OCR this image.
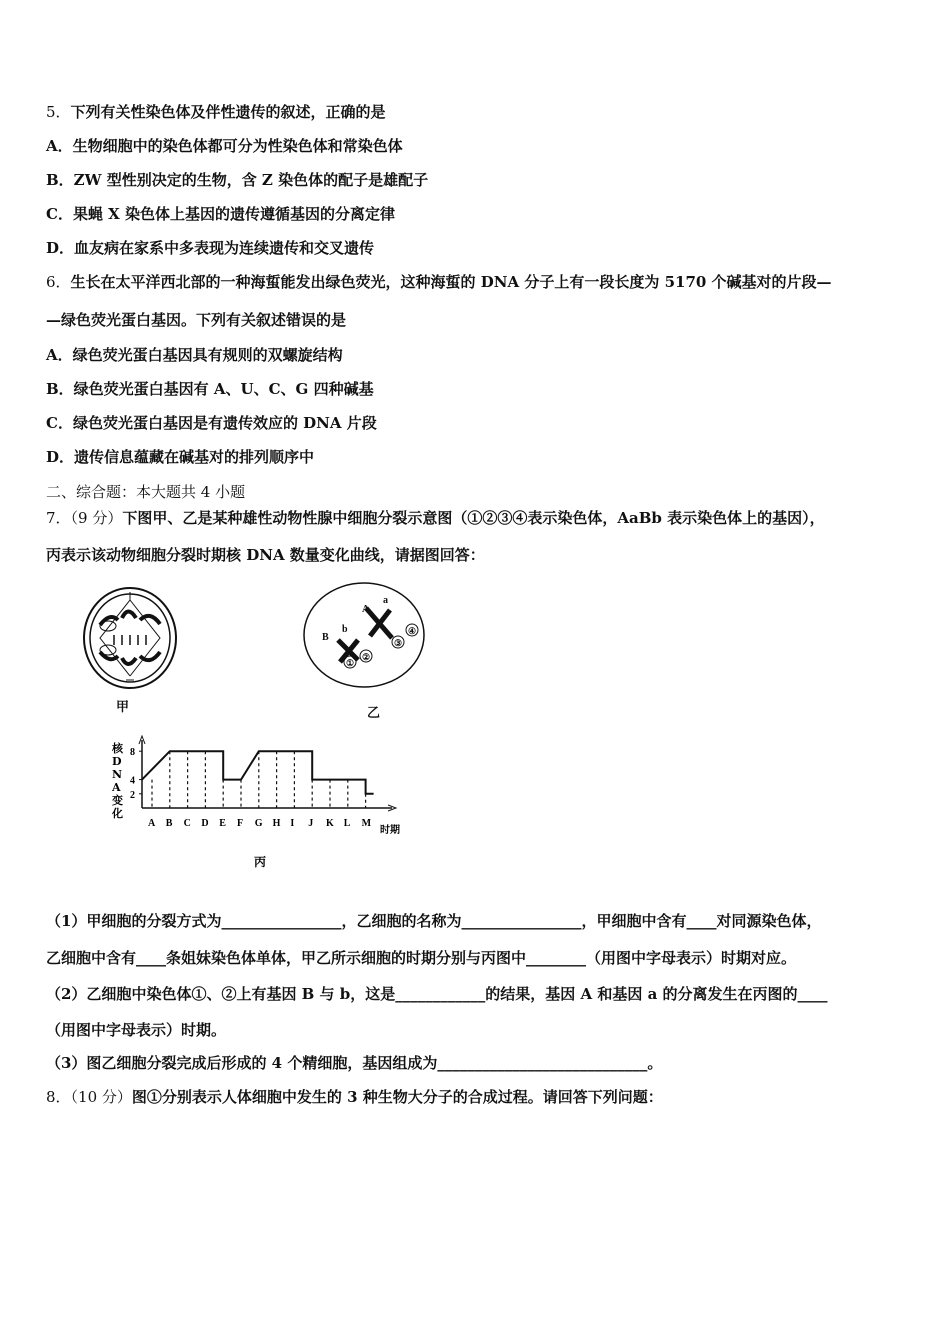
5．下列有关性染色体及伴性遗传的叙述，正确的是
A．生物细胞中的染色体都可分为性染色体和常染色体
B．ZW 型性别决定的生物，含 Z 染色体的配子是雄配子
C．果蝇 X 染色体上基因的遗传遵循基因的分离定律
D．血友病在家系中多表现为连续遗传和交叉遗传
6．生长在太平洋西北部的一种海蜇能发出绿色荧光，这种海蜇的 DNA 分子上有一段长度为 5170 个碱基对的片段—
—绿色荧光蛋白基因。下列有关叙述错误的是
A．绿色荧光蛋白基因具有规则的双螺旋结构
B．绿色荧光蛋白基因有 A、U、C、G 四种碱基
C．绿色荧光蛋白基因是有遗传效应的 DNA 片段
D．遗传信息蕴藏在碱基对的排列顺序中
二、综合题：本大题共 4 小题
7．（9 分）下图甲、乙是某种雄性动物性腺中细胞分裂示意图（①②③④表示染色体，AaBb 表示染色体上的基因），
丙表示该动物细胞分裂时期核 DNA 数量变化曲线，请据图回答：
甲
B
b
A
a
①
②
③
④
乙
2
4
8
核
D
N
A
变
化
时期
A B C D E F G H I J K L M
丙
（1）甲细胞的分裂方式为________________，乙细胞的名称为________________，甲细胞中含有____对同源染色体，
乙细胞中含有____条姐妹染色体单体，甲乙所示细胞的时期分别与丙图中________（用图中字母表示）时期对应。
（2）乙细胞中染色体①、②上有基因 B 与 b，这是____________的结果，基因 A 和基因 a 的分离发生在丙图的____
（用图中字母表示）时期。
（3）图乙细胞分裂完成后形成的 4 个精细胞，基因组成为____________________________。
8．（10 分）图①分别表示人体细胞中发生的 3 种生物大分子的合成过程。请回答下列问题：
